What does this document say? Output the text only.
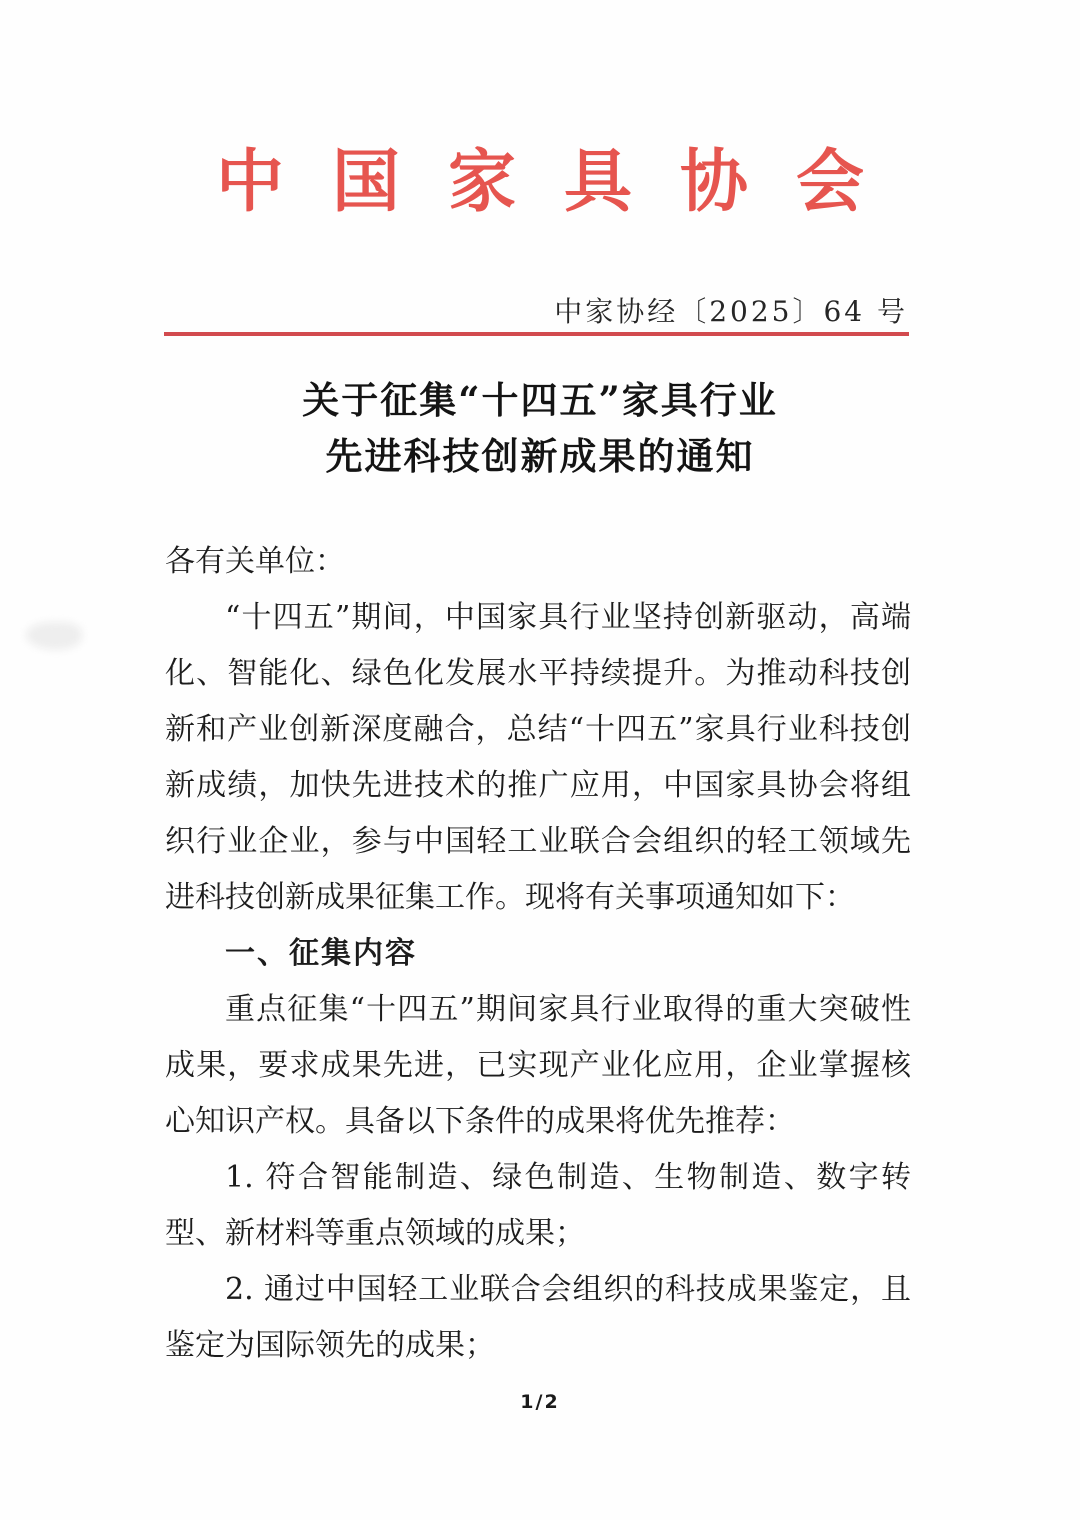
中国家具协会
中家协经〔2025〕64 号
关于征集“十四五”家具行业
先进科技创新成果的通知

各有关单位：

“十四五”期间，中国家具行业坚持创新驱动，高端化、智能化、绿色化发展水平持续提升。为推动科技创新和产业创新深度融合，总结“十四五”家具行业科技创新成绩，加快先进技术的推广应用，中国家具协会将组织行业企业，参与中国轻工业联合会组织的轻工领域先进科技创新成果征集工作。现将有关事项通知如下：

一、征集内容

重点征集“十四五”期间家具行业取得的重大突破性成果，要求成果先进，已实现产业化应用，企业掌握核心知识产权。具备以下条件的成果将优先推荐：

1. 符合智能制造、绿色制造、生物制造、数字转型、新材料等重点领域的成果；

2. 通过中国轻工业联合会组织的科技成果鉴定，且鉴定为国际领先的成果；

1/2
